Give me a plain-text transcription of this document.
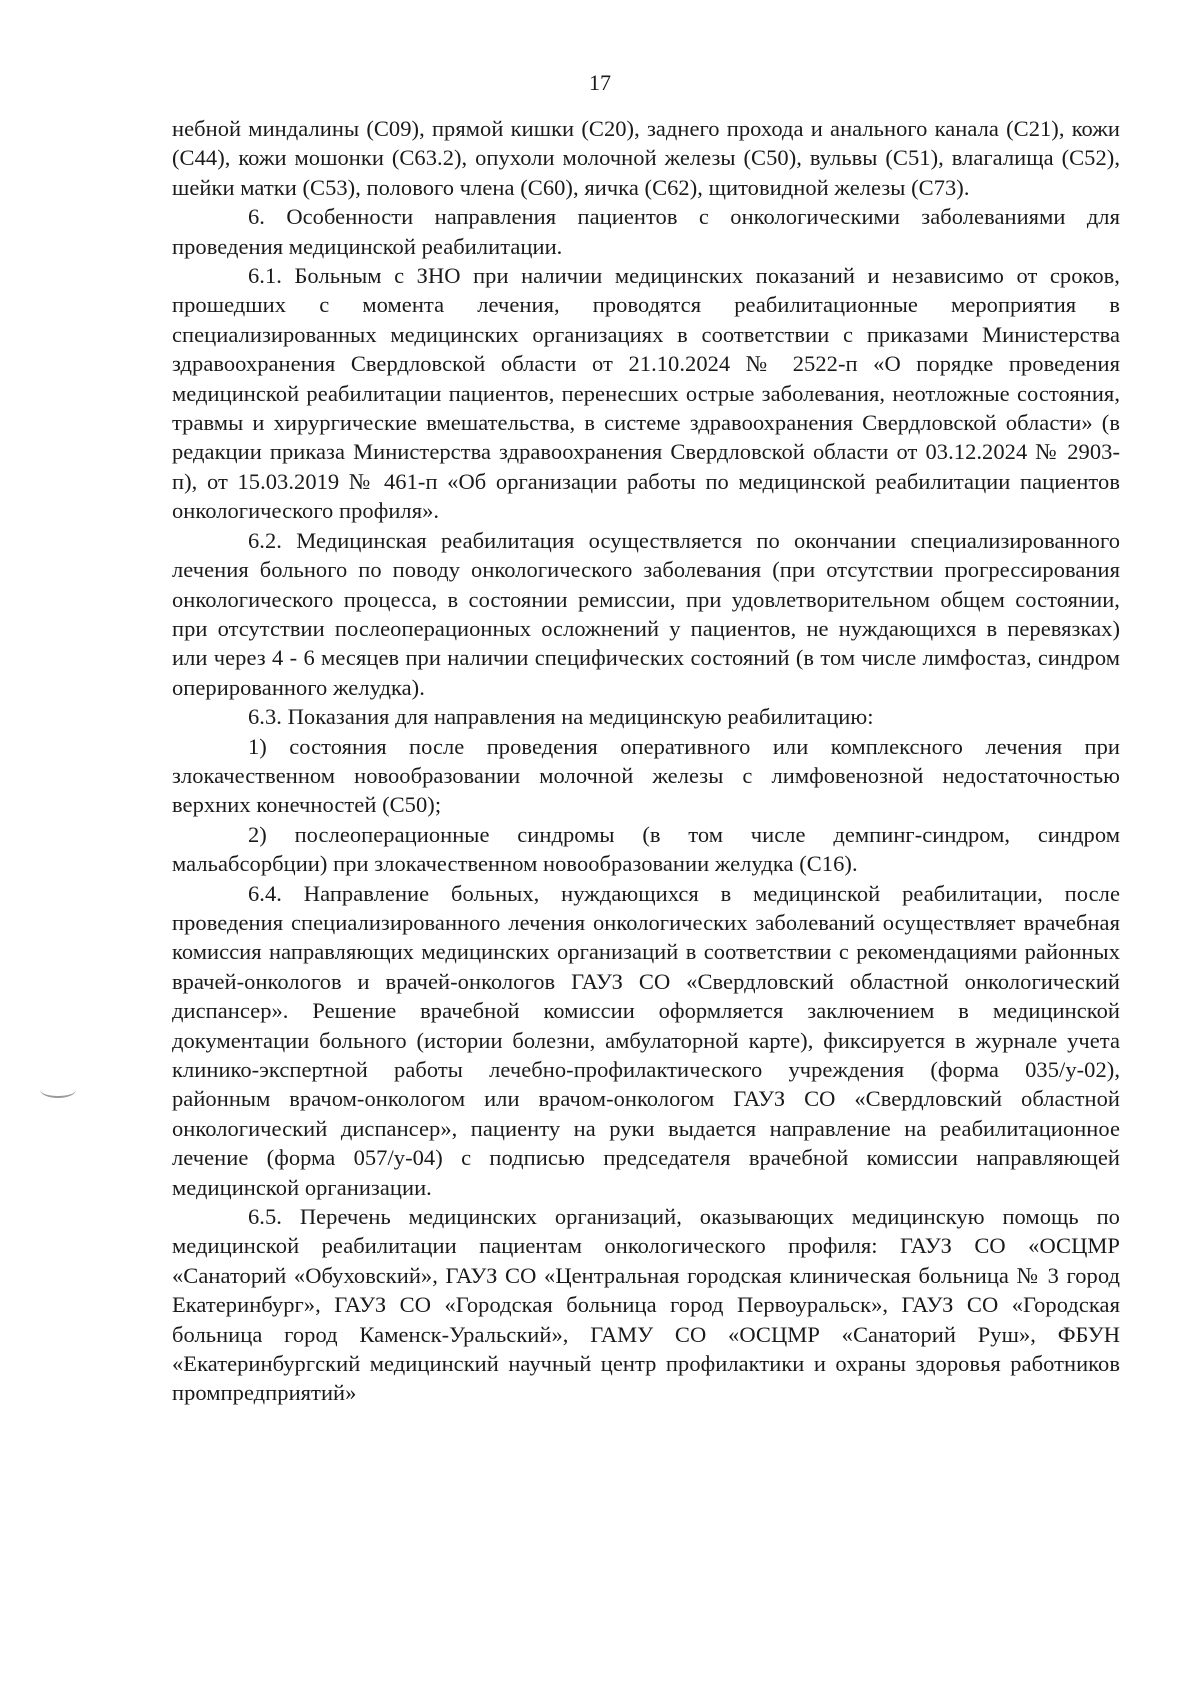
17

небной миндалины (С09), прямой кишки (С20), заднего прохода и анального канала (С21), кожи (С44), кожи мошонки (С63.2), опухоли молочной железы (С50), вульвы (С51), влагалища (С52), шейки матки (С53), полового члена (С60), яичка (С62), щитовидной железы (С73).

6. Особенности направления пациентов с онкологическими заболеваниями для проведения медицинской реабилитации.

6.1. Больным с ЗНО при наличии медицинских показаний и независимо от сроков, прошедших с момента лечения, проводятся реабилитационные мероприятия в специализированных медицинских организациях в соответствии с приказами Министерства здравоохранения Свердловской области от 21.10.2024 № 2522-п «О порядке проведения медицинской реабилитации пациентов, перенесших острые заболевания, неотложные состояния, травмы и хирургические вмешательства, в системе здравоохранения Свердловской области» (в редакции приказа Министерства здравоохранения Свердловской области от 03.12.2024 № 2903-п), от 15.03.2019 № 461-п «Об организации работы по медицинской реабилитации пациентов онкологического профиля».

6.2. Медицинская реабилитация осуществляется по окончании специализированного лечения больного по поводу онкологического заболевания (при отсутствии прогрессирования онкологического процесса, в состоянии ремиссии, при удовлетворительном общем состоянии, при отсутствии послеоперационных осложнений у пациентов, не нуждающихся в перевязках) или через 4 - 6 месяцев при наличии специфических состояний (в том числе лимфостаз, синдром оперированного желудка).

6.3. Показания для направления на медицинскую реабилитацию:

1) состояния после проведения оперативного или комплексного лечения при злокачественном новообразовании молочной железы с лимфовенозной недостаточностью верхних конечностей (С50);

2) послеоперационные синдромы (в том числе демпинг-синдром, синдром мальабсорбции) при злокачественном новообразовании желудка (С16).

6.4. Направление больных, нуждающихся в медицинской реабилитации, после проведения специализированного лечения онкологических заболеваний осуществляет врачебная комиссия направляющих медицинских организаций в соответствии с рекомендациями районных врачей-онкологов и врачей-онкологов ГАУЗ СО «Свердловский областной онкологический диспансер». Решение врачебной комиссии оформляется заключением в медицинской документации больного (истории болезни, амбулаторной карте), фиксируется в журнале учета клинико-экспертной работы лечебно-профилактического учреждения (форма 035/у-02), районным врачом-онкологом или врачом-онкологом ГАУЗ СО «Свердловский областной онкологический диспансер», пациенту на руки выдается направление на реабилитационное лечение (форма 057/у-04) с подписью председателя врачебной комиссии направляющей медицинской организации.

6.5. Перечень медицинских организаций, оказывающих медицинскую помощь по медицинской реабилитации пациентам онкологического профиля: ГАУЗ СО «ОСЦМР «Санаторий «Обуховский», ГАУЗ СО «Центральная городская клиническая больница № 3 город Екатеринбург», ГАУЗ СО «Городская больница город Первоуральск», ГАУЗ СО «Городская больница город Каменск-Уральский», ГАМУ СО «ОСЦМР «Санаторий Руш», ФБУН «Екатеринбургский медицинский научный центр профилактики и охраны здоровья работников промпредприятий»
